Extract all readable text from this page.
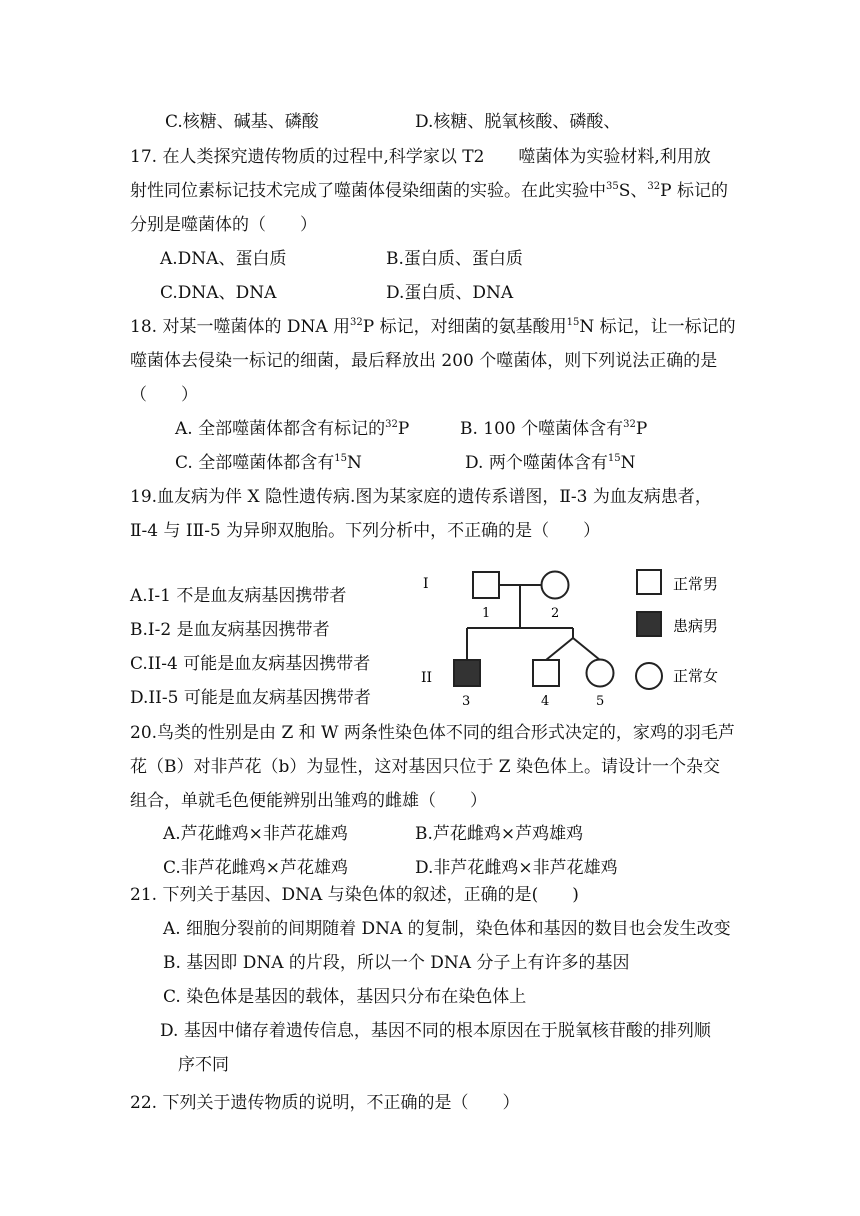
C.核糖、碱基、磷酸	D.核糖、脱氧核酸、磷酸、
17. 在人类探究遗传物质的过程中,科学家以 T2　　噬菌体为实验材料,利用放
射性同位素标记技术完成了噬菌体侵染细菌的实验。在此实验中$^{35}$S、$^{32}$P 标记的
分别是噬菌体的（　　）
A.DNA、蛋白质	B.蛋白质、蛋白质
C.DNA、DNA	D.蛋白质、DNA
18. 对某一噬菌体的 DNA 用$^{32}$P 标记，对细菌的氨基酸用$^{15}$N 标记，让一标记的
噬菌体去侵染一标记的细菌，最后释放出 200 个噬菌体，则下列说法正确的是
（　　）
A. 全部噬菌体都含有标记的$^{32}$P	B. 100 个噬菌体含有$^{32}$P
C. 全部噬菌体都含有$^{15}$N	D. 两个噬菌体含有$^{15}$N
19.血友病为伴 X 隐性遗传病.图为某家庭的遗传系谱图，Ⅱ-3 为血友病患者，
Ⅱ-4 与 IⅡ-5 为异卵双胞胎。下列分析中，不正确的是（　　）
A.I-1 不是血友病基因携带者
B.I-2 是血友病基因携带者
C.II-4 可能是血友病基因携带者
D.II-5 可能是血友病基因携带者
I
II
1	2
3	4	5
正常男
患病男
正常女
20.鸟类的性别是由 Z 和 W 两条性染色体不同的组合形式决定的，家鸡的羽毛芦
花（B）对非芦花（b）为显性，这对基因只位于 Z 染色体上。请设计一个杂交
组合，单就毛色便能辨别出雏鸡的雌雄（　　）
A.芦花雌鸡×非芦花雄鸡	B.芦花雌鸡×芦鸡雄鸡
C.非芦花雌鸡×芦花雄鸡	D.非芦花雌鸡×非芦花雄鸡
21. 下列关于基因、DNA 与染色体的叙述，正确的是(　　)
A. 细胞分裂前的间期随着 DNA 的复制，染色体和基因的数目也会发生改变
B. 基因即 DNA 的片段，所以一个 DNA 分子上有许多的基因
C. 染色体是基因的载体，基因只分布在染色体上
D. 基因中储存着遗传信息，基因不同的根本原因在于脱氧核苷酸的排列顺
序不同
22. 下列关于遗传物质的说明，不正确的是（　　）
